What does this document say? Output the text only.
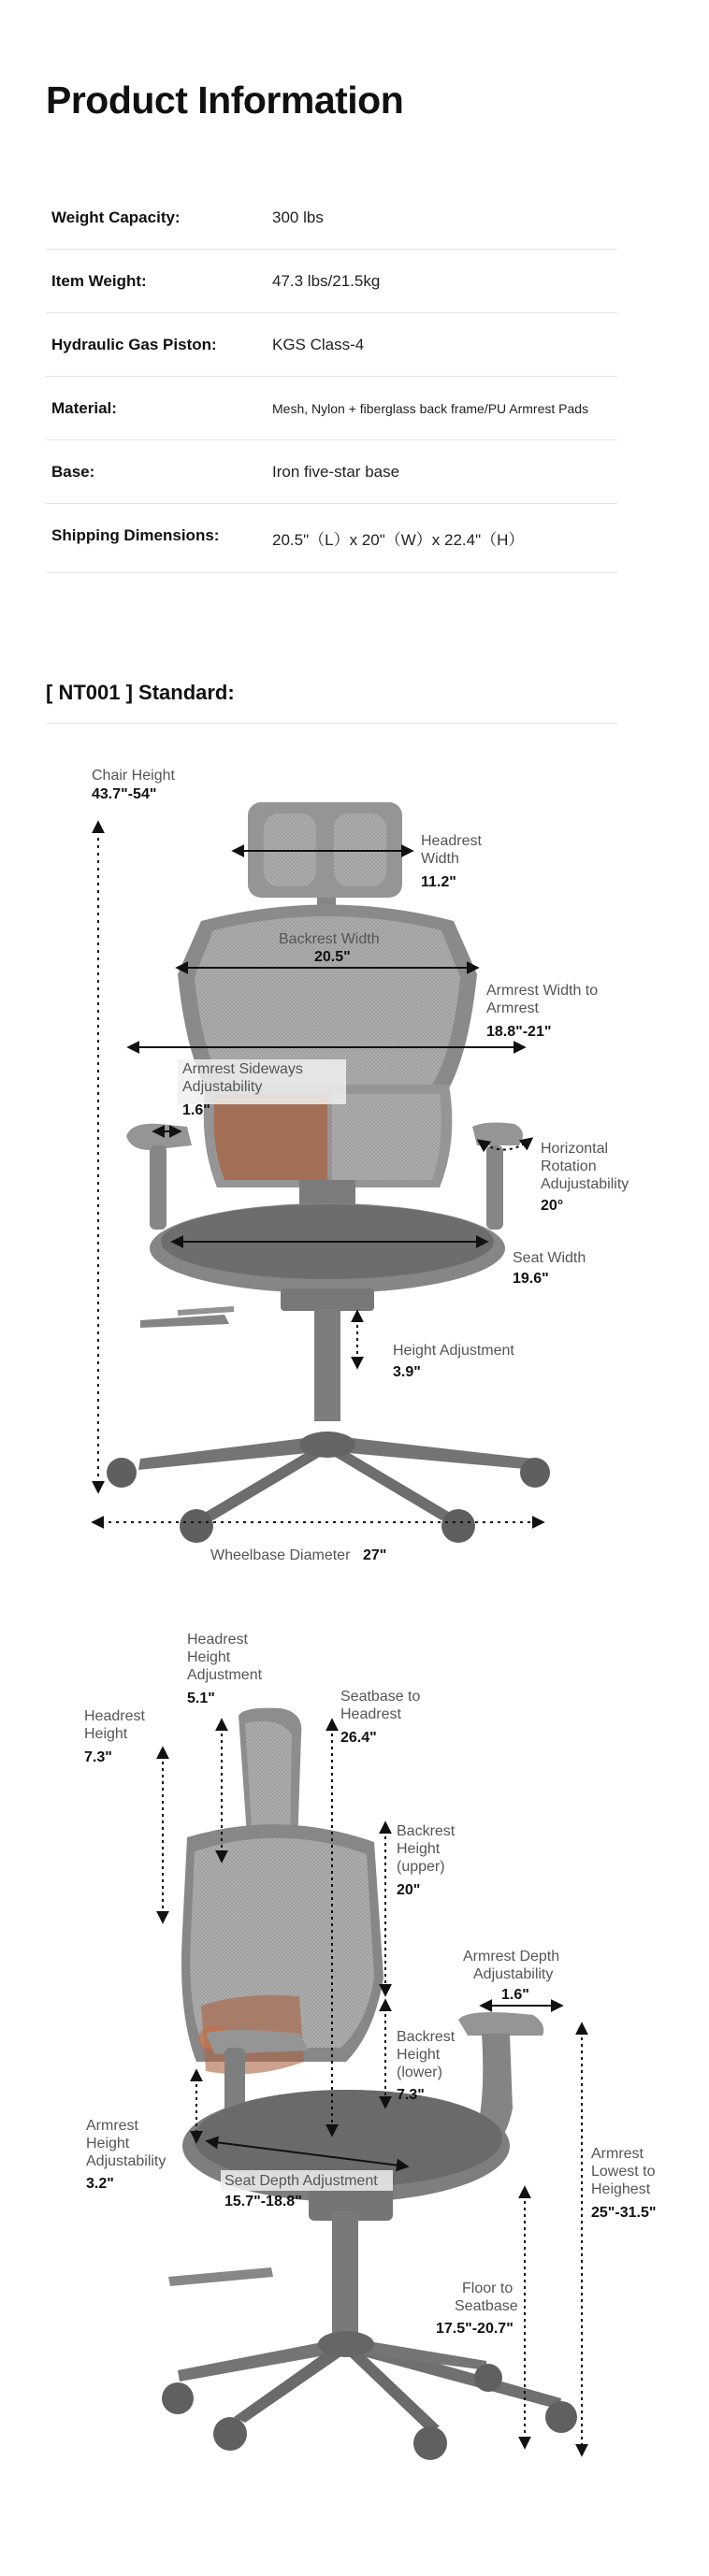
Product Information
Weight Capacity:	300 lbs
Item Weight:	47.3 lbs/21.5kg
Hydraulic Gas Piston:	KGS Class-4
Material:	Mesh, Nylon + fiberglass back frame/PU Armrest Pads
Base:	Iron five-star base
Shipping Dimensions:	20.5"（L）x 20"（W）x 22.4"（H）
[ NT001 ] Standard:
Chair Height
43.7"-54"
Headrest
Width
11.2"
Backrest Width
20.5"
Armrest Width to
Armrest
18.8"-21"
Armrest Sideways
Adjustability
1.6"
Horizontal
Rotation
Adujustability
20°
Seat Width
19.6"
Height Adjustment
3.9"
Wheelbase Diameter 27"
Headrest
Height
Adjustment
5.1"
Headrest
Height
7.3"
Seatbase to
Headrest
26.4"
Backrest
Height
(upper)
20"
Armrest Depth
Adjustability
1.6"
Backrest
Height
(lower)
7.3"
Armrest
Height
Adjustability
3.2"	Seat Depth Adjustment
15.7"-18.8"
Armrest
Lowest to
Heighest
25"-31.5"
Floor to
Seatbase
17.5"-20.7"
